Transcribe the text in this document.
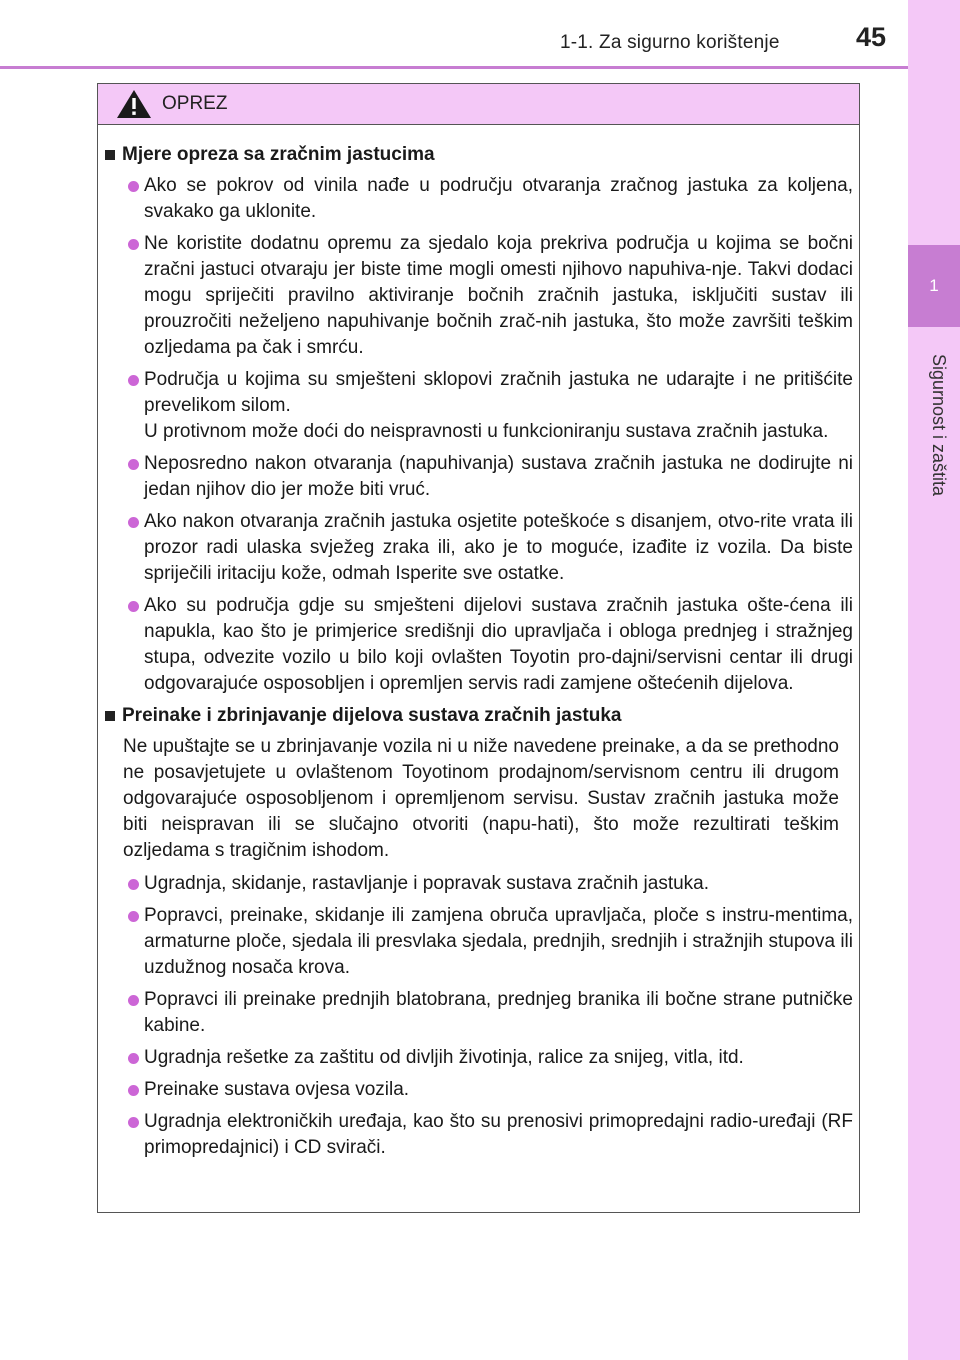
1-1. Za sigurno korištenje	45
1
Sigurnost i zaštita
OPREZ
Mjere opreza sa zračnim jastucima
Ako se pokrov od vinila nađe u području otvaranja zračnog jastuka za koljena, svakako ga uklonite.
Ne koristite dodatnu opremu za sjedalo koja prekriva područja u kojima se bočni zračni jastuci otvaraju jer biste time mogli omesti njihovo napuhiva-nje. Takvi dodaci mogu spriječiti pravilno aktiviranje bočnih zračnih jastuka, isključiti sustav ili prouzročiti neželjeno napuhivanje bočnih zrač-nih jastuka, što može završiti teškim ozljedama pa čak i smrću.
Područja u kojima su smješteni sklopovi zračnih jastuka ne udarajte i ne pritišćite prevelikom silom.
U protivnom može doći do neispravnosti u funkcioniranju sustava zračnih jastuka.
Neposredno nakon otvaranja (napuhivanja) sustava zračnih jastuka ne dodirujte ni jedan njihov dio jer može biti vruć.
Ako nakon otvaranja zračnih jastuka osjetite poteškoće s disanjem, otvo-rite vrata ili prozor radi ulaska svježeg zraka ili, ako je to moguće, izađite iz vozila. Da biste spriječili iritaciju kože, odmah Isperite sve ostatke.
Ako su područja gdje su smješteni dijelovi sustava zračnih jastuka ošte-ćena ili napukla, kao što je primjerice središnji dio upravljača i obloga prednjeg i stražnjeg stupa, odvezite vozilo u bilo koji ovlašten Toyotin pro-dajni/servisni centar ili drugi odgovarajuće osposobljen i opremljen servis radi zamjene oštećenih dijelova.
Preinake i zbrinjavanje dijelova sustava zračnih jastuka
Ne upuštajte se u zbrinjavanje vozila ni u niže navedene preinake, a da se prethodno ne posavjetujete u ovlaštenom Toyotinom prodajnom/servisnom centru ili drugom odgovarajuće osposobljenom i opremljenom servisu. Sustav zračnih jastuka može biti neispravan ili se slučajno otvoriti (napu-hati), što može rezultirati teškim ozljedama s tragičnim ishodom.
Ugradnja, skidanje, rastavljanje i popravak sustava zračnih jastuka.
Popravci, preinake, skidanje ili zamjena obruča upravljača, ploče s instru-mentima, armaturne ploče, sjedala ili presvlaka sjedala, prednjih, srednjih i stražnjih stupova ili uzdužnog nosača krova.
Popravci ili preinake prednjih blatobrana, prednjeg branika ili bočne strane putničke kabine.
Ugradnja rešetke za zaštitu od divljih životinja, ralice za snijeg, vitla, itd.
Preinake sustava ovjesa vozila.
Ugradnja elektroničkih uređaja, kao što su prenosivi primopredajni radio-uređaji (RF primopredajnici) i CD svirači.
